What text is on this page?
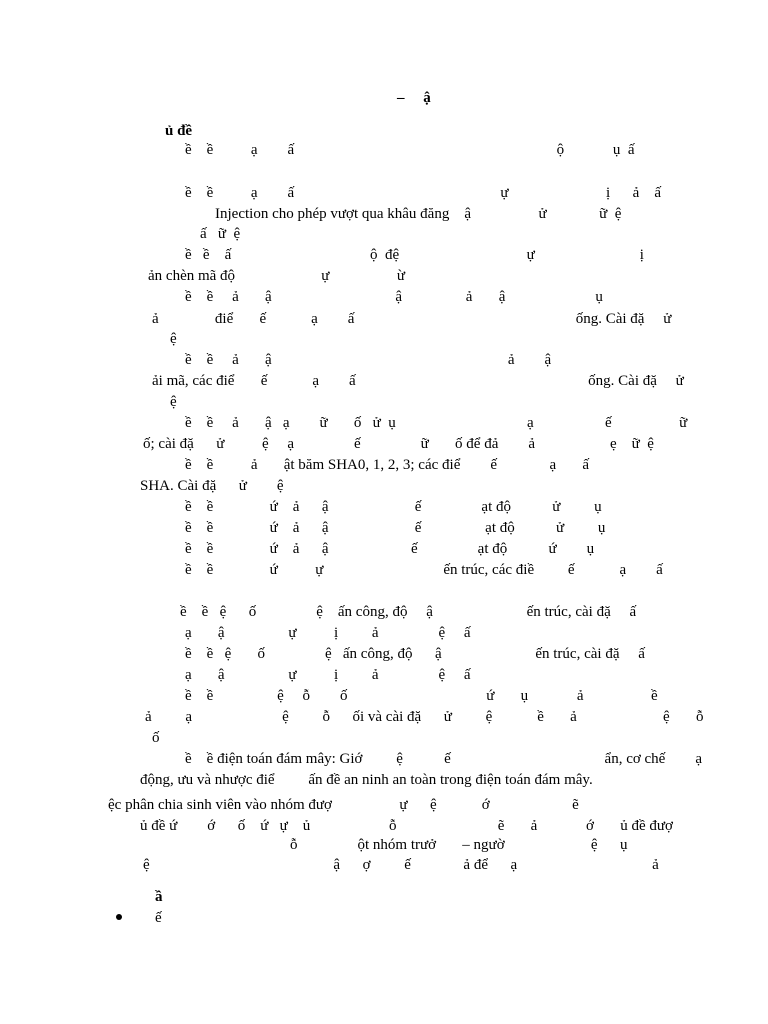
–     ậ
ủ đề
ề    ề          ạ        ấ                                                                      ộ             ụ  ấ
ề    ề          ạ        ấ                                                       ự                          ị      ả    ấ
Injection cho phép vượt qua khâu đăng    ậ                  ử              ữ  ệ
ấ   ữ  ệ
ề   ề    ấ                                     ộ  đệ                                  ự                            ị
ản chèn mã độ                       ự                  ừ
ề    ề     ả       ậ                                 ậ                 ả       ậ                        ụ
ả               điể       ế            ạ        ấ                                                           ống. Cài đặ     ử
ệ
ề    ề     ả       ậ                                                               ả        ậ
ải mã, các điể       ế            ạ        ấ                                                              ống. Cài đặ     ử
ệ
ề    ề     ả       ậ   ạ        ữ       ố   ử  ụ                                   ạ                   ế                  ữ
ố; cài đặ      ử          ệ     ạ                ế                ữ       ố để đả        ả                    ẹ    ữ  ệ
ề    ề          ả       ật băm SHA0, 1, 2, 3; các điể        ế              ạ       ấ
SHA. Cài đặ      ử        ệ
ề    ề               ứ    ả      ậ                       ế                ạt độ           ử         ụ
ề    ề               ứ    ả      ậ                       ế                 ạt độ           ử         ụ
ề    ề               ứ    ả      ậ                      ế                ạt độ           ứ        ụ
ề    ề               ứ          ự                                ến trúc, các điề         ế            ạ        ấ
ề    ề   ệ      ố                ệ    ấn công, độ     ậ                         ến trúc, cài đặ     ấ
ạ       ậ                 ự          ị         ả                ệ     ấ
ề    ề   ệ       ố                ệ   ấn công, độ      ậ                         ến trúc, cài đặ     ấ
ạ       ậ                 ự          ị         ả                ệ     ấ
ề    ề                 ệ     ỗ        ố                                     ứ       ụ             ả                  ề
ả         ạ                        ệ         ỗ      ối và cài đặ      ử         ệ            ề       ả                       ệ       ỗ
ố
ề    ề điện toán đám mây: Giớ         ệ           ế                                         ẩn, cơ chế        ạ
động, ưu và nhược điể         ấn đề an ninh an toàn trong điện toán đám mây.
ệc phân chia sinh viên vào nhóm đượ                  ự      ệ            ớ                      ẽ
ủ đề ứ        ớ      ố    ứ   ự    ủ                     ỗ                           ẽ       ả             ớ       ủ đề đượ
ỗ                ột nhóm trưở       – ngườ                       ệ      ụ
ệ                                                 ậ      ợ         ế              ả để      ạ                                    ả
ầ
ế
